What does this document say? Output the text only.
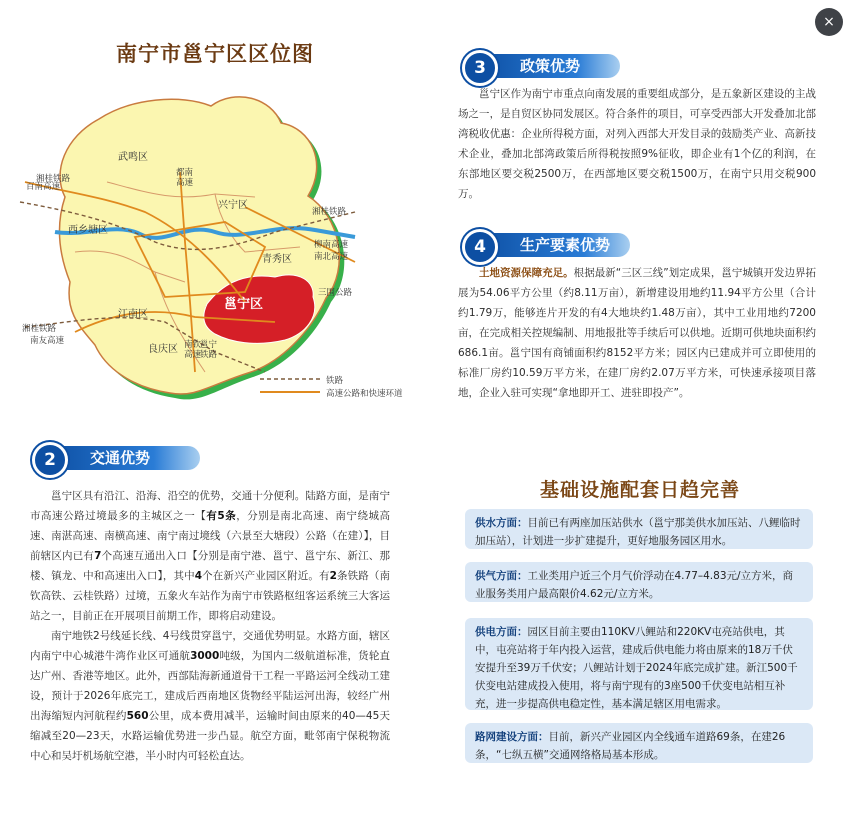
×
南宁市邕宁区区位图
武鸣区
兴宁区
西乡塘区
青秀区
江南区
良庆区
邕宁区
百南高速
湘桂铁路
都南
高速
湘桂铁路
柳南高速
南北高速
三围公路
湘桂铁路
南友高速	邕宁
铁路
南钦
高速
铁路
高速公路和快速环道
政策优势
3

邕宁区作为南宁市重点向南发展的重要组成部分，是五象新区建设的主战场之一，是自贸区协同发展区。符合条件的项目，可享受西部大开发叠加北部湾税收优惠：企业所得税方面，对列入西部大开发目录的鼓励类产业、高新技术企业，叠加北部湾政策后所得税按照9%征收，即企业有1个亿的利润，在东部地区要交税2500万，在西部地区要交税1500万，在南宁只用交税900万。

生产要素优势
4

土地资源保障充足。根据最新“三区三线”划定成果，邕宁城镇开发边界拓展为54.06平方公里（约8.11万亩），新增建设用地约11.94平方公里（合计约1.79万，能够连片开发的有4大地块约1.48万亩），其中工业用地约7200亩，在完成相关控规编制、用地报批等手续后可以供地。近期可供地块面积约686.1亩。邕宁国有商铺面积约8152平方米；园区内已建成并可立即使用的标准厂房约10.59万平方米，在建厂房约2.07万平方米，可快速承接项目落地，企业入驻可实现“拿地即开工、进驻即投产”。

交通优势
2

邕宁区具有沿江、沿海、沿空的优势，交通十分便利。陆路方面，是南宁市高速公路过境最多的主城区之一【有5条，分别是南北高速、南宁绕城高速、南湛高速、南横高速、南宁南过境线（六景至大塘段）公路（在建）】，目前辖区内已有7个高速互通出入口【分别是南宁港、邕宁、邕宁东、新江、那楼、镇龙、中和高速出入口】，其中4个在新兴产业园区附近。有2条铁路（南钦高铁、云桂铁路）过境，五象火车站作为南宁市铁路枢纽客运系统三大客运站之一，目前正在开展项目前期工作，即将启动建设。

南宁地铁2号线延长线、4号线贯穿邕宁，交通优势明显。水路方面，辖区内南宁中心城港牛湾作业区可通航3000吨级，为国内二级航道标准，货轮直达广州、香港等地区。此外，西部陆海新通道骨干工程一平路运河全线动工建设，预计于2026年底完工，建成后西南地区货物经平陆运河出海，较经广州出海缩短内河航程约560公里，成本费用减半，运输时间由原来的40—45天缩减至20—23天，水路运输优势进一步凸显。航空方面，毗邻南宁保税物流中心和吴圩机场航空港，半小时内可轻松直达。

基础设施配套日趋完善
供水方面：目前已有两座加压站供水（邕宁那美供水加压站、八鲤临时加压站），计划进一步扩建提升，更好地服务园区用水。
供气方面：工业类用户近三个月气价浮动在4.77–4.83元/立方米，商业服务类用户最高限价4.62元/立方米。
供电方面：园区目前主要由110KV八鲤站和220KV屯亮站供电，其中，屯亮站将于年内投入运营，建成后供电能力将由原来的18万千伏安提升至39万千伏安；八鲤站计划于2024年底完成扩建。新江500千伏变电站建成投入使用，将与南宁现有的3座500千伏变电站相互补充，进一步提高供电稳定性，基本满足辖区用电需求。
路网建设方面：目前，新兴产业园区内全线通车道路69条，在建26条，“七纵五横”交通网络格局基本形成。
